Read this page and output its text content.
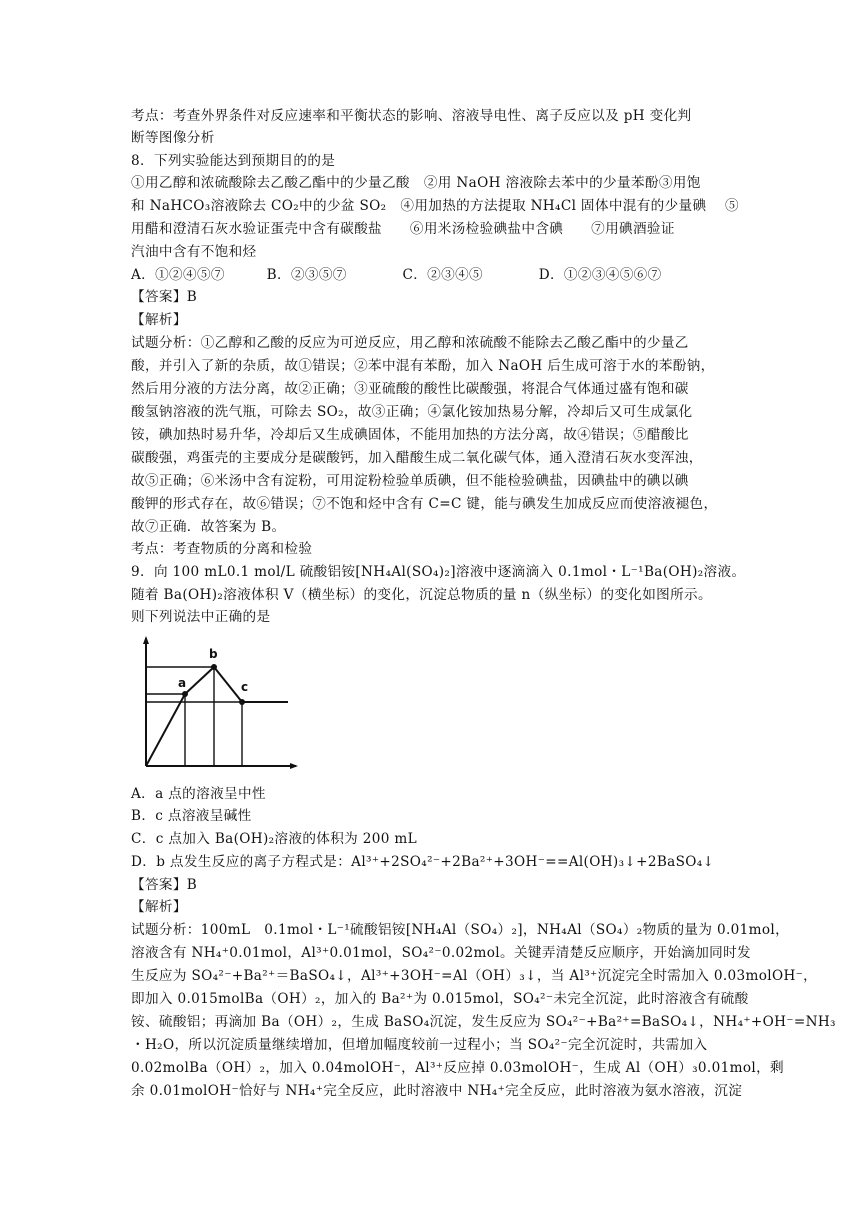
考点：考查外界条件对反应速率和平衡状态的影响、溶液导电性、离子反应以及 pH 变化判
断等图像分析
8．下列实验能达到预期目的的是
①用乙醇和浓硫酸除去乙酸乙酯中的少量乙酸　②用 NaOH 溶液除去苯中的少量苯酚③用饱
和 NaHCO₃溶液除去 CO₂中的少盆 SO₂　④用加热的方法提取 NH₄Cl 固体中混有的少量碘　 ⑤
用醋和澄清石灰水验证蛋壳中含有碳酸盐　　⑥用米汤检验碘盐中含碘　　⑦用碘酒验证
汽油中含有不饱和烃
A．①②④⑤⑦　　　B．②③⑤⑦　　　　C．②③④⑤　　　　D．①②③④⑤⑥⑦
【答案】B
【解析】
试题分析：①乙醇和乙酸的反应为可逆反应，用乙醇和浓硫酸不能除去乙酸乙酯中的少量乙
酸，并引入了新的杂质，故①错误；②苯中混有苯酚，加入 NaOH 后生成可溶于水的苯酚钠，
然后用分液的方法分离，故②正确；③亚硫酸的酸性比碳酸强，将混合气体通过盛有饱和碳
酸氢钠溶液的洗气瓶，可除去 SO₂，故③正确；④氯化铵加热易分解，冷却后又可生成氯化
铵，碘加热时易升华，冷却后又生成碘固体，不能用加热的方法分离，故④错误；⑤醋酸比
碳酸强，鸡蛋壳的主要成分是碳酸钙，加入醋酸生成二氧化碳气体，通入澄清石灰水变浑浊，
故⑤正确；⑥米汤中含有淀粉，可用淀粉检验单质碘，但不能检验碘盐，因碘盐中的碘以碘
酸钾的形式存在，故⑥错误；⑦不饱和烃中含有 C=C 键，能与碘发生加成反应而使溶液褪色，
故⑦正确．故答案为 B。
考点：考查物质的分离和检验
9．向 100 mL0.1 mol/L 硫酸铝铵[NH₄Al(SO₄)₂]溶液中逐滴滴入 0.1mol・L⁻¹Ba(OH)₂溶液。
随着 Ba(OH)₂溶液体积 V（横坐标）的变化，沉淀总物质的量 n（纵坐标）的变化如图所示。
则下列说法中正确的是
a
b
c
A．a 点的溶液呈中性
B．c 点溶液呈碱性
C．c 点加入 Ba(OH)₂溶液的体积为 200 mL
D．b 点发生反应的离子方程式是：Al³⁺+2SO₄²⁻+2Ba²⁺+3OH⁻==Al(OH)₃↓+2BaSO₄↓
【答案】B
【解析】
试题分析：100mL　0.1mol・L⁻¹硫酸铝铵[NH₄Al（SO₄）₂]，NH₄Al（SO₄）₂物质的量为 0.01mol，
溶液含有 NH₄⁺0.01mol，Al³⁺0.01mol，SO₄²⁻0.02mol。关键弄清楚反应顺序，开始滴加同时发
生反应为 SO₄²⁻+Ba²⁺＝BaSO₄↓，Al³⁺+3OH⁻=Al（OH）₃↓，当 Al³⁺沉淀完全时需加入 0.03molOH⁻，
即加入 0.015molBa（OH）₂，加入的 Ba²⁺为 0.015mol，SO₄²⁻未完全沉淀，此时溶液含有硫酸
铵、硫酸铝；再滴加 Ba（OH）₂，生成 BaSO₄沉淀，发生反应为 SO₄²⁻+Ba²⁺=BaSO₄↓，NH₄⁺+OH⁻=NH₃
・H₂O，所以沉淀质量继续增加，但增加幅度较前一过程小；当 SO₄²⁻完全沉淀时，共需加入
0.02molBa（OH）₂，加入 0.04molOH⁻，Al³⁺反应掉 0.03molOH⁻，生成 Al（OH）₃0.01mol，剩
余 0.01molOH⁻恰好与 NH₄⁺完全反应，此时溶液中 NH₄⁺完全反应，此时溶液为氨水溶液，沉淀
